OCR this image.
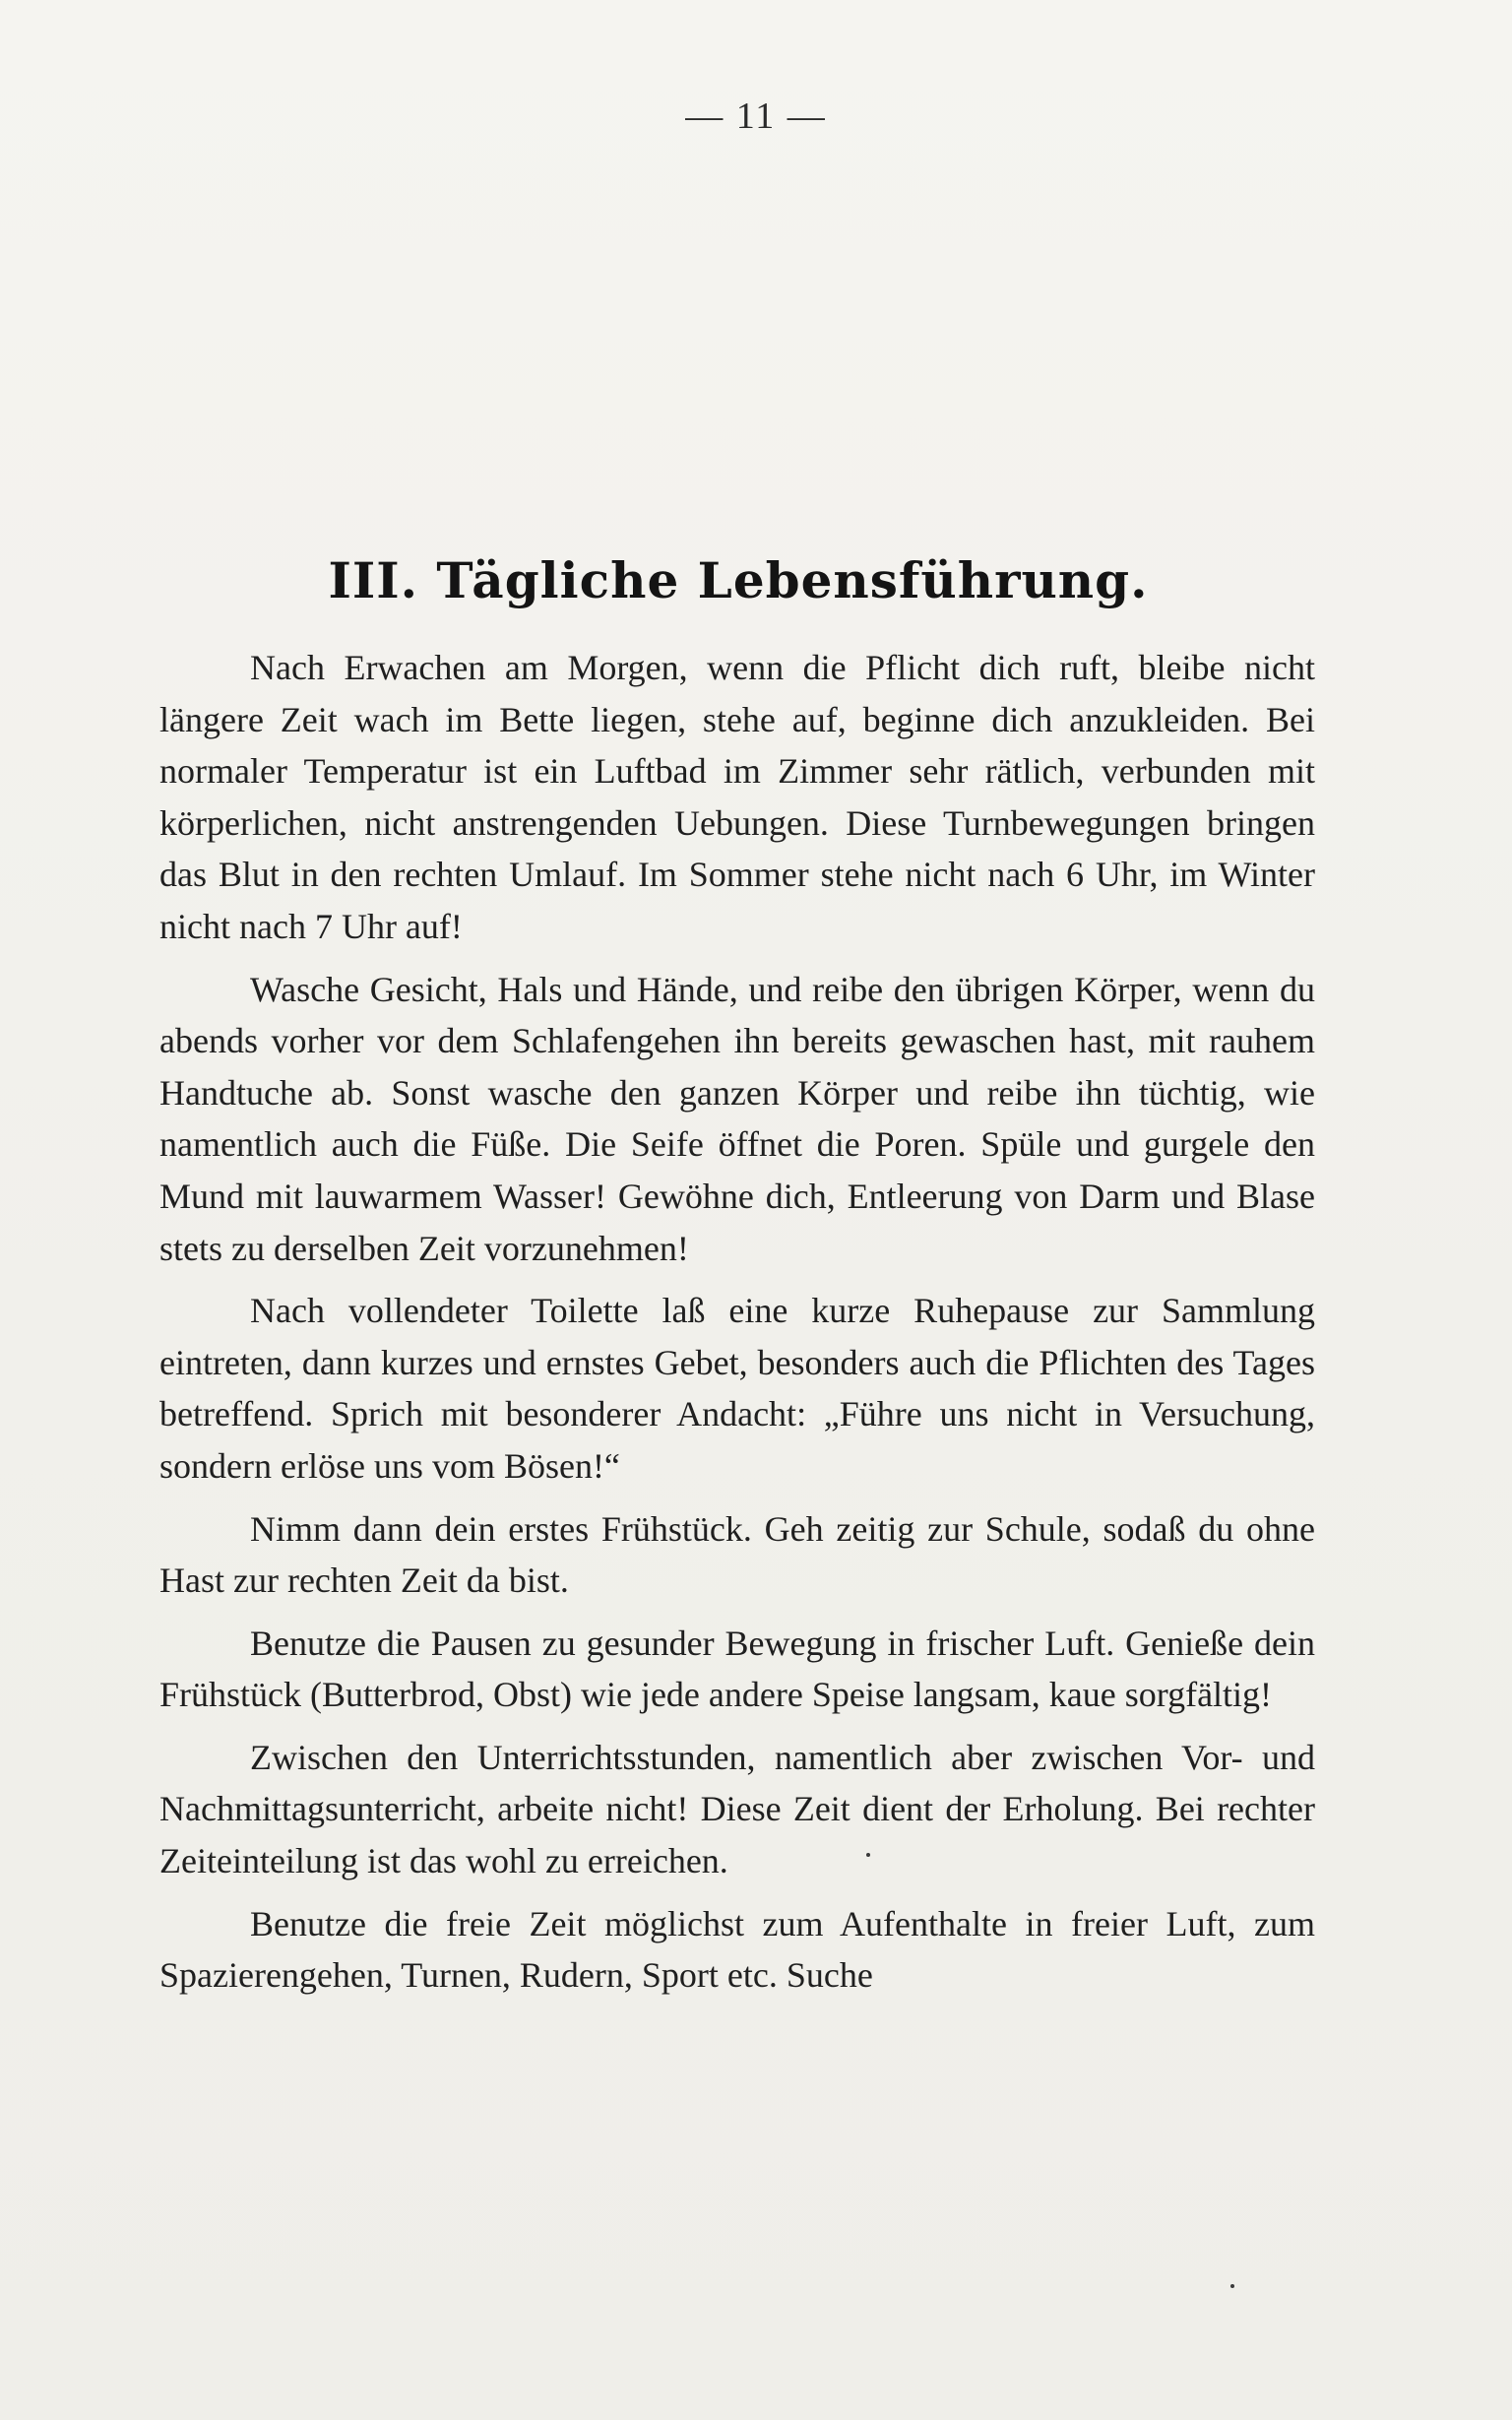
— 11 —
III. Tägliche Lebensführung.

Nach Erwachen am Morgen, wenn die Pflicht dich ruft, bleibe nicht längere Zeit wach im Bette liegen, stehe auf, beginne dich anzukleiden. Bei normaler Temperatur ist ein Luftbad im Zimmer sehr rätlich, verbunden mit körperlichen, nicht anstrengenden Uebungen. Diese Turnbewegungen bringen das Blut in den rechten Umlauf. Im Sommer stehe nicht nach 6 Uhr, im Winter nicht nach 7 Uhr auf!

Wasche Gesicht, Hals und Hände, und reibe den übrigen Körper, wenn du abends vorher vor dem Schlafengehen ihn bereits gewaschen hast, mit rauhem Handtuche ab. Sonst wasche den ganzen Körper und reibe ihn tüchtig, wie namentlich auch die Füße. Die Seife öffnet die Poren. Spüle und gurgele den Mund mit lauwarmem Wasser! Gewöhne dich, Entleerung von Darm und Blase stets zu derselben Zeit vorzunehmen!

Nach vollendeter Toilette laß eine kurze Ruhepause zur Sammlung eintreten, dann kurzes und ernstes Gebet, besonders auch die Pflichten des Tages betreffend. Sprich mit besonderer Andacht: „Führe uns nicht in Versuchung, sondern erlöse uns vom Bösen!“

Nimm dann dein erstes Frühstück. Geh zeitig zur Schule, sodaß du ohne Hast zur rechten Zeit da bist.

Benutze die Pausen zu gesunder Bewegung in frischer Luft. Genieße dein Frühstück (Butterbrod, Obst) wie jede andere Speise langsam, kaue sorgfältig!

Zwischen den Unterrichtsstunden, namentlich aber zwischen Vor- und Nachmittagsunterricht, arbeite nicht! Diese Zeit dient der Erholung. Bei rechter Zeiteinteilung ist das wohl zu erreichen.

Benutze die freie Zeit möglichst zum Aufenthalte in freier Luft, zum Spazierengehen, Turnen, Rudern, Sport etc. Suche
